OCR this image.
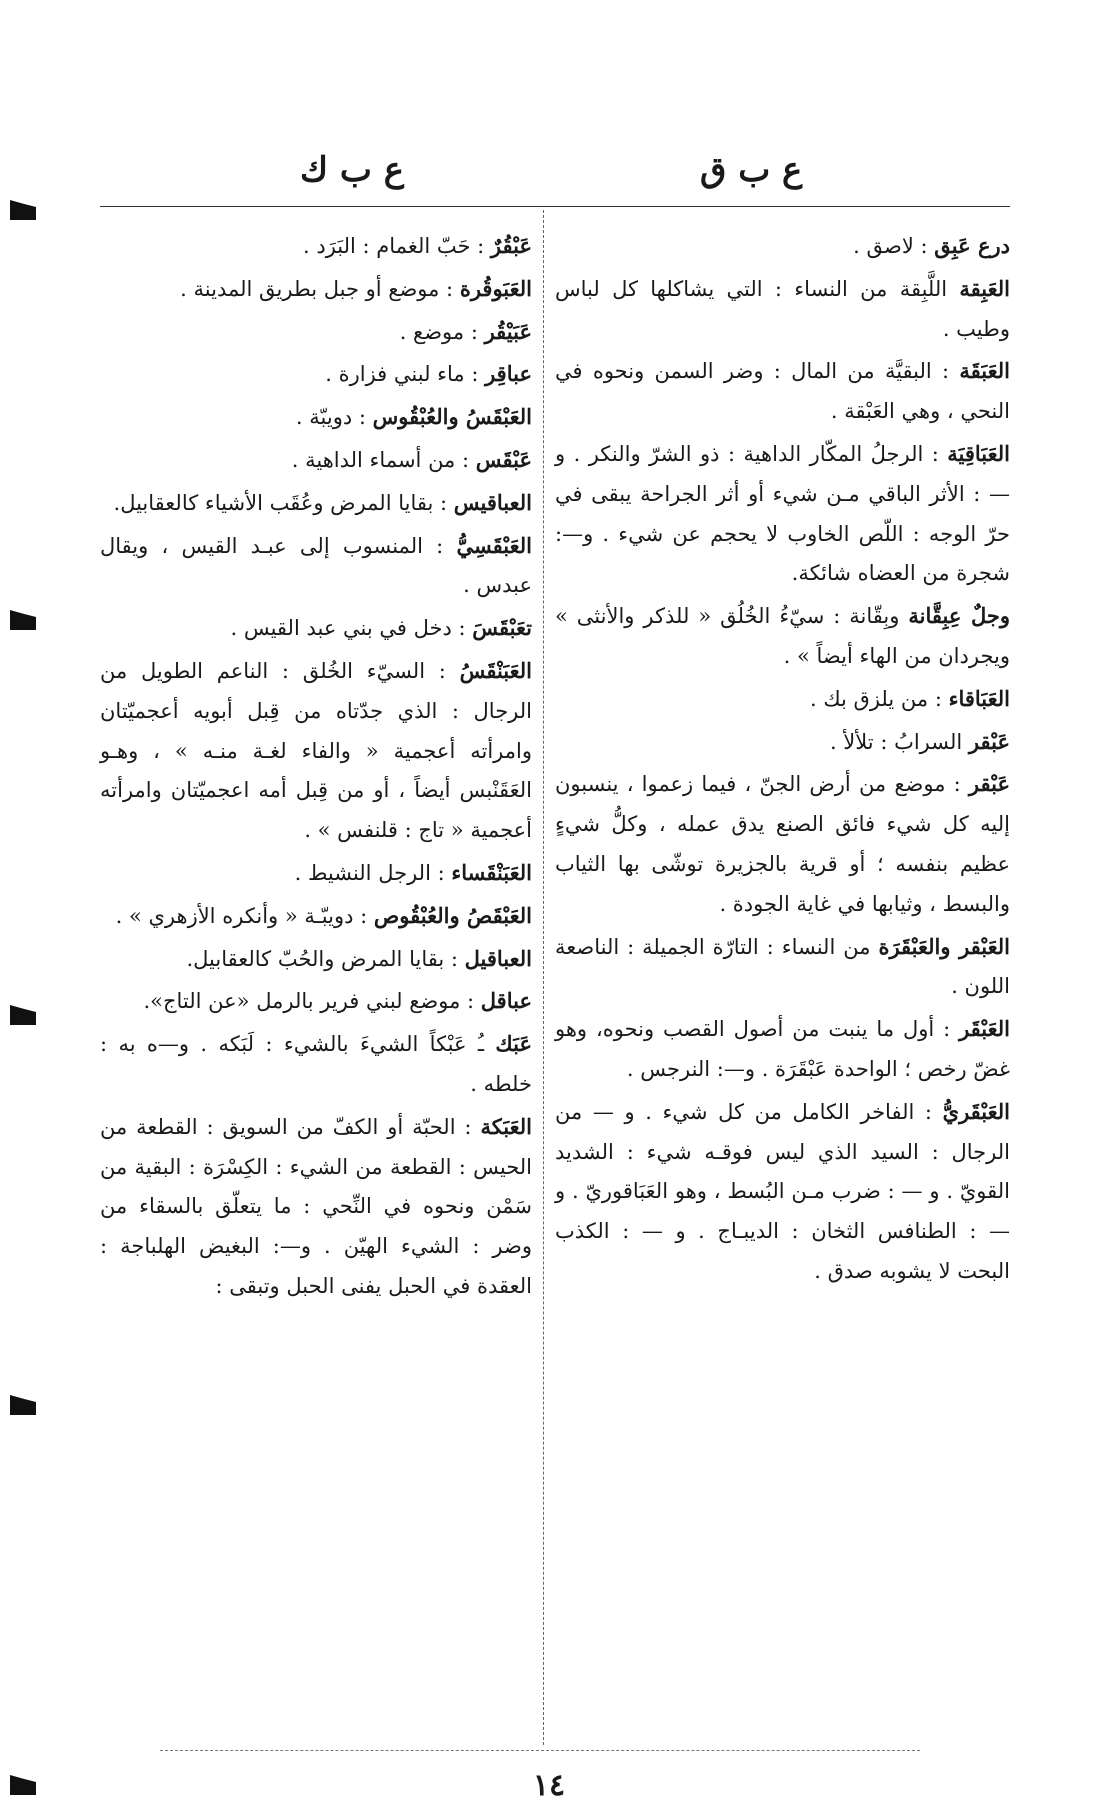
ع ب ق
ع ب ك
درع عَبِق : لاصق .
العَبِقة اللَّبِقة من النساء : التي يشاكلها كل لباس وطيب .
العَبَقَة : البقيَّة من المال : وضر السمن ونحوه في النحي ، وهي العَبْقة .
العَبَاقِيَة : الرجلُ المكّار الداهية : ذو الشرّ والنكر . و — : الأثر الباقي مـن شيء أو أثر الجراحة يبقى في حرّ الوجه : اللّص الخاوب لا يحجم عن شيء . و—: شجرة من العضاه شائكة.
وجلٌ عِبِقَّانة وبِقّانة : سيّءُ الخُلُق « للذكر والأنثى » ويجردان من الهاء أيضاً » .
العَبَاقاء : من يلزق بك .
عَبْقر السرابُ : تلألأ .
عَبْقر : موضع من أرض الجنّ ، فيما زعموا ، ينسبون إليه كل شيء فائق الصنع يدق عمله ، وكلُّ شيءٍ عظيم بنفسه ؛ أو قرية بالجزيرة توشّى بها الثياب والبسط ، وثيابها في غاية الجودة .
العَبْقر والعَبْقَرَة من النساء : التارّة الجميلة : الناصعة اللون .
العَبْقَر : أول ما ينبت من أصول القصب ونحوه، وهو غضّ رخص ؛ الواحدة عَبْقَرَة . و—: النرجس .
العَبْقَريُّ : الفاخر الكامل من كل شيء . و — من الرجال : السيد الذي ليس فوقـه شيء : الشديد القويّ . و — : ضرب مـن البُسط ، وهو العَبَاقوريّ . و — : الطنافس الثخان : الديبـاج . و — : الكذب البحت لا يشوبه صدق .
عَبْقُرٌ : حَبّ الغمام : البَرَد .
العَبَوقُرة : موضع أو جبل بطريق المدينة .
عَبَيْقُر : موضع .
عباقِر : ماء لبني فزارة .
العَبْقَسُ والعُبْقُوس : دويبّة .
عَبْقَس : من أسماء الداهية .
العباقيس : بقايا المرض وعُقَب الأشياء كالعقابيل.
العَبْقَسِيُّ : المنسوب إلى عبـد القيس ، ويقال عبدس .
تعَبْقَسَ : دخل في بني عبد القيس .
العَبَنْقَسُ : السيّء الخُلق : الناعم الطويل من الرجال : الذي جدّتاه من قِبل أبويه أعجميّتان وامرأته أعجمية « والفاء لغـة منـه » ، وهـو العَقَنْبس أيضاً ، أو من قِبل أمه اعجميّتان وامرأته أعجمية « تاج : قلنفس » .
العَبَنْقَساء : الرجل النشيط .
العَبْقَصُ والعُبْقُوص : دويبّـة « وأنكره الأزهري » .
العباقيل : بقايا المرض والحُبّ كالعقابيل.
عباقل : موضع لبني فرير بالرمل «عن التاج».
عَبَك ـُ عَبْكاً الشيءَ بالشيء : لَبَكه . و—ه به : خلطه .
العَبَكة : الحبّة أو الكفّ من السويق : القطعة من الحيس : القطعة من الشيء : الكِسْرَة : البقية من سَمْن ونحوه في النِّحي : ما يتعلّق بالسقاء من وضر : الشيء الهيّن . و—: البغيض الهلباجة : العقدة في الحبل يفنى الحبل وتبقى :
١٤
